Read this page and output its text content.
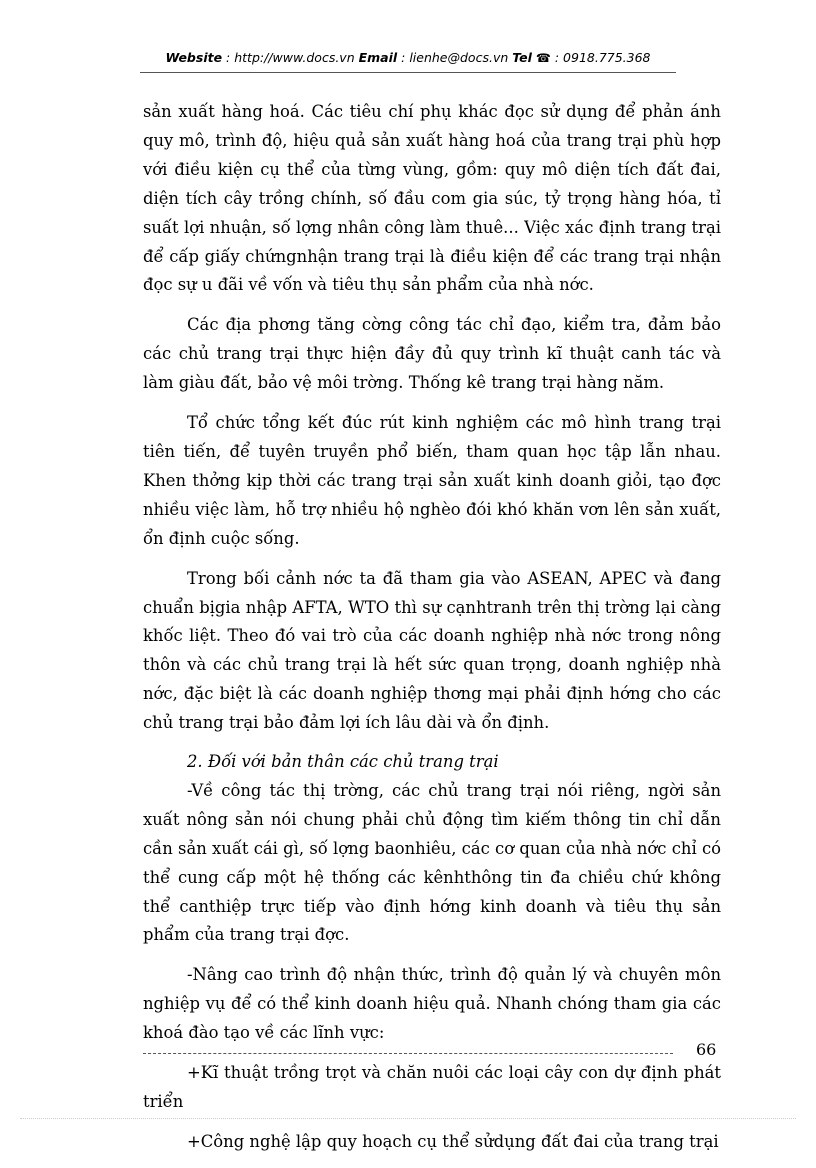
Website : http://www.docs.vn Email : lienhe@docs.vn Tel ☎ : 0918.775.368

sản xuất hàng hoá. Các tiêu chí phụ khác đọc sử dụng để phản ánh quy mô, trình độ, hiệu quả sản xuất hàng hoá của trang trại phù hợp với điều kiện cụ thể của từng vùng, gồm: quy mô diện tích đất đai, diện tích cây trồng chính, số đầu com gia súc, tỷ trọng hàng hóa, tỉ suất lợi nhuận, số lợng nhân công làm thuê... Việc xác định trang trại để cấp giấy chứngnhận trang trại là điều kiện để các trang trại nhận đọc sự u đãi về vốn và tiêu thụ sản phẩm của nhà nớc.

Các địa phơng tăng cờng công tác chỉ đạo, kiểm tra, đảm bảo các chủ trang trại thực hiện đầy đủ quy trình kĩ thuật canh tác và làm giàu đất, bảo vệ môi trờng. Thống kê trang trại hàng năm.

Tổ chức tổng kết đúc rút kinh nghiệm các mô hình trang trại tiên tiến, để tuyên truyền phổ biến, tham quan học tập lẫn nhau. Khen thởng kịp thời các trang trại sản xuất kinh doanh giỏi, tạo đợc nhiều việc làm, hỗ trợ nhiều hộ nghèo đói khó khăn vơn lên sản xuất, ổn định cuộc sống.

Trong bối cảnh nớc ta đã tham gia vào ASEAN, APEC và đang chuẩn bịgia nhập AFTA, WTO thì sự cạnhtranh trên thị trờng lại càng khốc liệt. Theo đó vai trò của các doanh nghiệp nhà nớc trong nông thôn và các chủ trang trại là hết sức quan trọng, doanh nghiệp nhà nớc, đặc biệt là các doanh nghiệp thơng mại phải định hớng cho các chủ trang trại bảo đảm lợi ích lâu dài và ổn định.

2. Đối với bản thân các chủ trang trại

-Về công tác thị trờng, các chủ trang trại nói riêng, ngời sản xuất nông sản nói chung phải chủ động tìm kiếm thông tin chỉ dẫn cần sản xuất cái gì, số lợng baonhiêu, các cơ quan của nhà nớc chỉ có thể cung cấp một hệ thống các kênhthông tin đa chiều chứ không thể canthiệp trực tiếp vào định hớng kinh doanh và tiêu thụ sản phẩm của trang trại đợc.

-Nâng cao trình độ nhận thức, trình độ quản lý và chuyên môn nghiệp vụ để có thể kinh doanh hiệu quả. Nhanh chóng tham gia các khoá đào tạo về các lĩnh vực:

+Kĩ thuật trồng trọt và chăn nuôi các loại cây con dự định phát triển

+Công nghệ lập quy hoạch cụ thể sửdụng đất đai của trang trại

66
